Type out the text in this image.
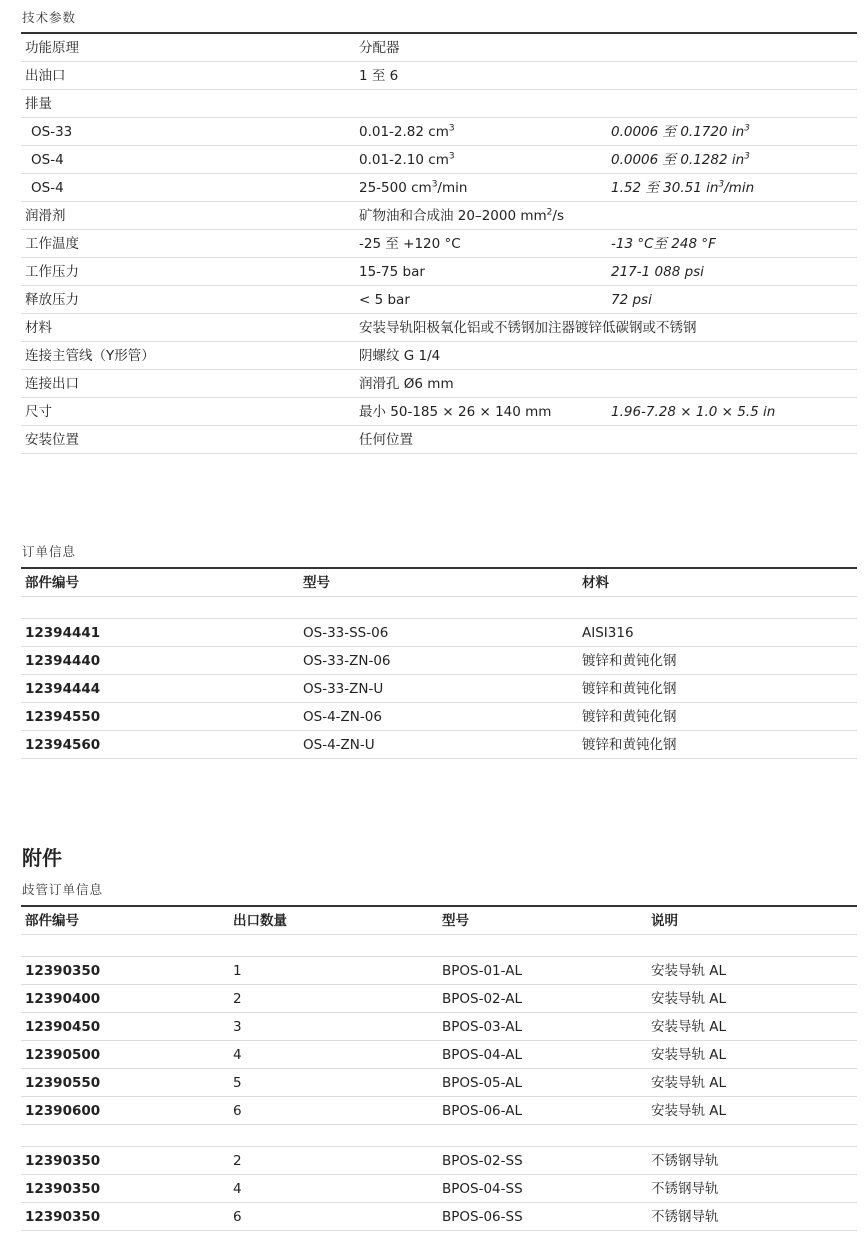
技术参数
功能原理	分配器
出油口	1 至 6
排量
OS-33	0.01-2.82 $cm^3$	0.0006 至 0.1720 $in^3$
OS-4	0.01-2.10 $cm^3$	0.0006 至 0.1282 $in^3$
OS-4	25-500 $cm^3/\min$	1.52 至 30.51 $in^3/\min$
润滑剂	矿物油和合成油 20–2000 $mm^2/s$
工作温度	-25 至 +120 °C	-13 °C至 248 °F
工作压力	15-75 bar	217-1 088 psi
释放压力	< 5 bar	72 psi
材料	安装导轨阳极氧化铝或不锈钢加注器镀锌低碳钢或不锈钢
连接主管线（Y形管）	阴螺纹 G 1/4
连接出口	润滑孔 Ø6 mm
尺寸	最小 50-185 × 26 × 140 mm	1.96-7.28 × 1.0 × 5.5 in
安装位置	任何位置
订单信息
部件编号	型号	材料
12394441	OS-33-SS-06	AISI316
12394440	OS-33-ZN-06	镀锌和黄钝化钢
12394444	OS-33-ZN-U	镀锌和黄钝化钢
12394550	OS-4-ZN-06	镀锌和黄钝化钢
12394560	OS-4-ZN-U	镀锌和黄钝化钢
附件
歧管订单信息
部件编号	出口数量	型号	说明
12390350	1	BPOS-01-AL	安装导轨 AL
12390400	2	BPOS-02-AL	安装导轨 AL
12390450	3	BPOS-03-AL	安装导轨 AL
12390500	4	BPOS-04-AL	安装导轨 AL
12390550	5	BPOS-05-AL	安装导轨 AL
12390600	6	BPOS-06-AL	安装导轨 AL
12390350	2	BPOS-02-SS	不锈钢导轨
12390350	4	BPOS-04-SS	不锈钢导轨
12390350	6	BPOS-06-SS	不锈钢导轨
